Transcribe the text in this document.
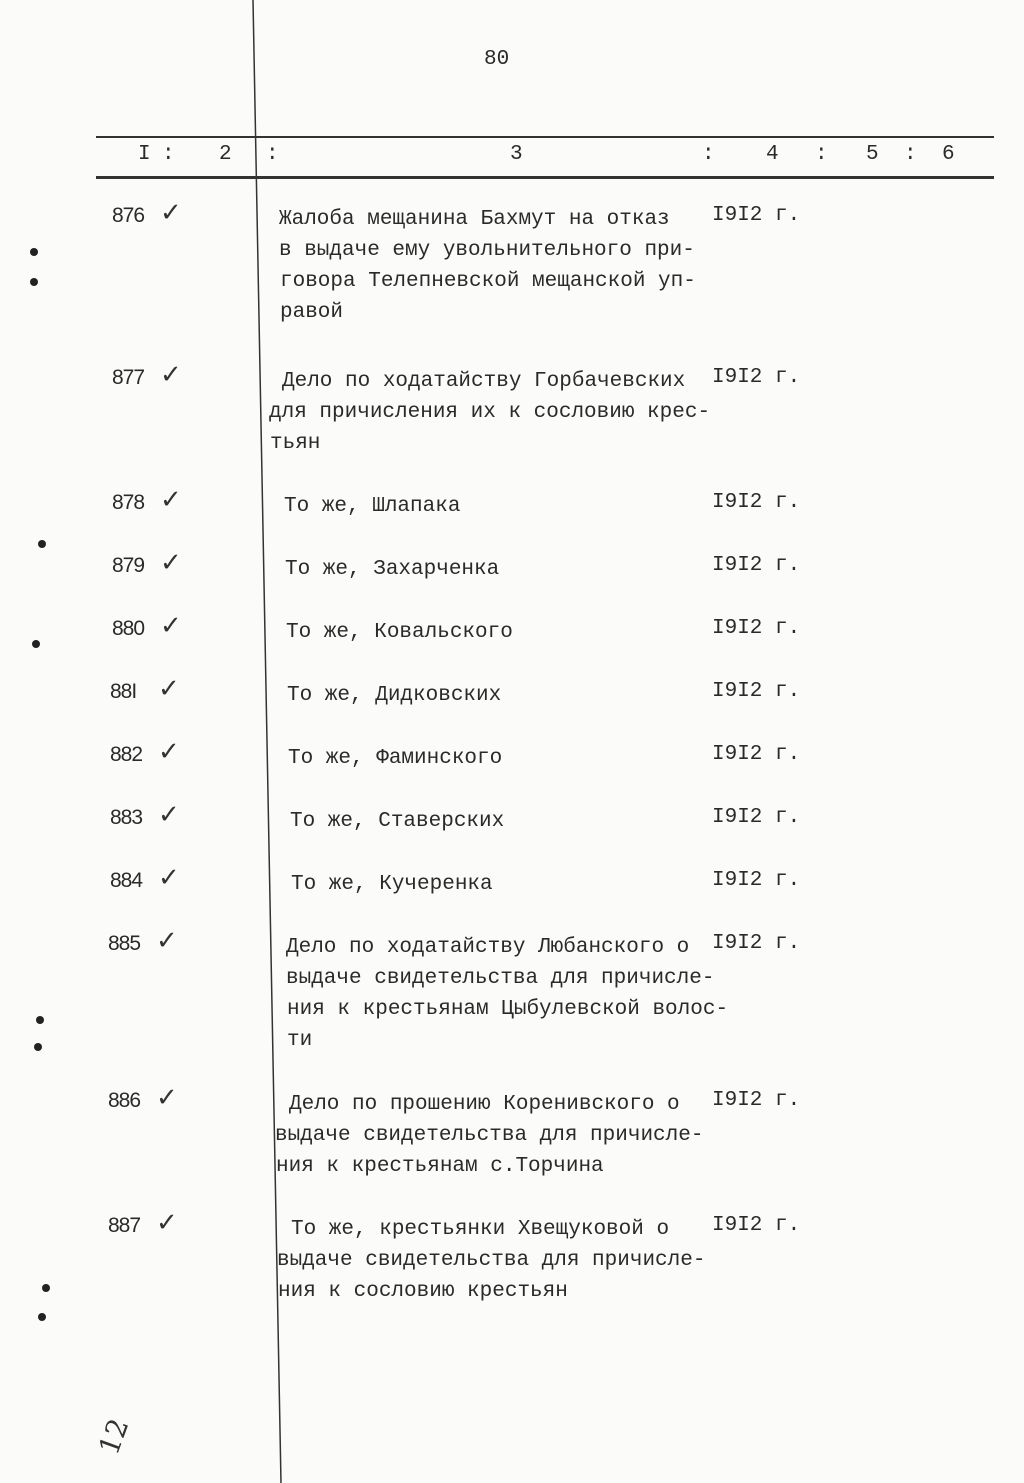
80
I : 2 :	3	: 4 : 5 : 6
876 ✓	Жалоба мещанина Бахмут на отказ
в выдаче ему увольнительного при-
говора Телепневской мещанской уп-
равой
I9I2 г.
877 ✓	Дело по ходатайству Горбачевских
для причисления их к сословию крес-
тьян
I9I2 г.
878 ✓	То же, Шлапака	I9I2 г.
879 ✓	То же, Захарченка	I9I2 г.
880 ✓	То же, Ковальского	I9I2 г.
88I ✓	То же, Дидковских	I9I2 г.
882 ✓	То же, Фаминского	I9I2 г.
883 ✓	То же, Ставерских	I9I2 г.
884 ✓	То же, Кучеренка	I9I2 г.
885 ✓	Дело по ходатайству Любанского о
выдаче свидетельства для причисле-
ния к крестьянам Цыбулевской волос-
ти
I9I2 г.
886 ✓	Дело по прошению Коренивского о
выдаче свидетельства для причисле-
ния к крестьянам с.Торчина
I9I2 г.
887 ✓	То же, крестьянки Хвещуковой о
выдаче свидетельства для причисле-
ния к сословию крестьян
I9I2 г.
12
